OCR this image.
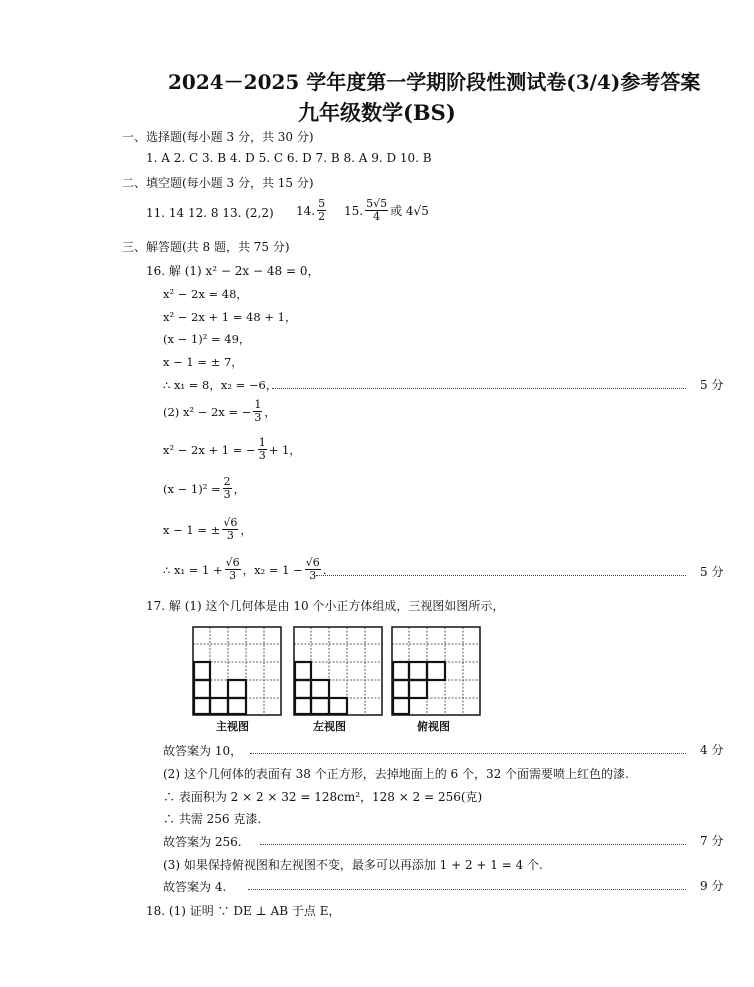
2024－2025 学年度第一学期阶段性测试卷(3/4)参考答案
九年级数学(BS)
一、选择题(每小题 3 分，共 30 分)
1. A 2. C 3. B 4. D 5. C 6. D 7. B 8. A 9. D 10. B
二、填空题(每小题 3 分，共 15 分)
11. 14 12. 8 13. (2,2) 14. $\frac{5}{2} 15$. $\frac{5√5}{4}$ 或 4√5
三、解答题(共 8 题，共 75 分)
16. 解 (1) x² − 2x − 48 = 0，
x² − 2x = 48，
x² − 2x + 1 = 48 + 1，
(x − 1)² = 49，
x − 1 = ± 7，
∴ x₁ = 8，x₂ = −6，	5 分
(2) x² − 2x = − $\frac{1}{3}$ ，
x² − 2x + 1 = − $\frac{1}{3} + 1$，
$(x - 1)^2 = \frac{2}{3}$ ，
x − 1 = ± $\frac{√6}{3}$ ，
∴ $x_1 = 1 + \frac{√6}{3}$ ，$x_2 = 1 - \frac{√6}{3}$ .	5 分
17. 解 (1) 这个几何体是由 10 个小正方体组成，三视图如图所示，
主视图	左视图	俯视图
故答案为 10，	4 分
(2) 这个几何体的表面有 38 个正方形，去掉地面上的 6 个，32 个面需要喷上红色的漆.
∴ 表面积为 2 × 2 × 32 = 128cm²，128 × 2 = 256(克)
∴ 共需 256 克漆.
故答案为 256.	7 分
(3) 如果保持俯视图和左视图不变，最多可以再添加 1 + 2 + 1 = 4 个.
故答案为 4.	9 分
18. (1) 证明 ∵ DE ⊥ AB 于点 E，
